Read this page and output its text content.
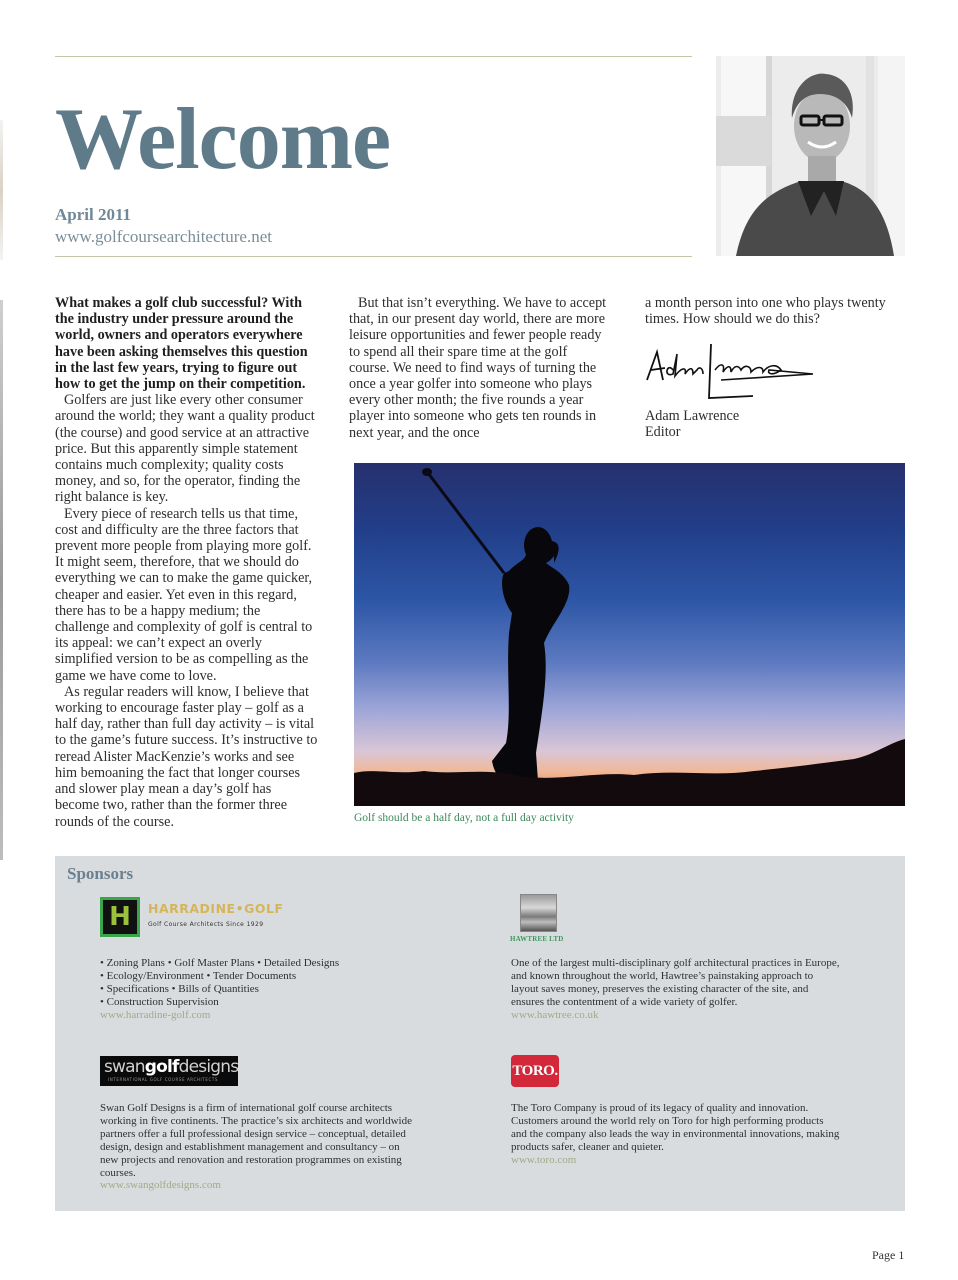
Welcome
April 2011
www.golfcoursearchitecture.net

What makes a golf club successful? With the industry under pressure around the world, owners and operators everywhere have been asking themselves this question in the last few years, trying to figure out how to get the jump on their competition.

Golfers are just like every other consumer around the world; they want a quality product (the course) and good service at an attractive price. But this apparently simple statement contains much complexity; quality costs money, and so, for the operator, finding the right balance is key.

Every piece of research tells us that time, cost and difficulty are the three factors that prevent more people from playing more golf. It might seem, therefore, that we should do everything we can to make the game quicker, cheaper and easier. Yet even in this regard, there has to be a happy medium; the challenge and complexity of golf is central to its appeal: we can’t expect an overly simplified version to be as compelling as the game we have come to love.

As regular readers will know, I believe that working to encourage faster play – golf as a half day, rather than full day activity – is vital to the game’s future success. It’s instructive to reread Alister MacKenzie’s works and see him bemoaning the fact that longer courses and slower play mean a day’s golf has become two, rather than the former three rounds of the course.

But that isn’t everything. We have to accept that, in our present day world, there are more leisure opportunities and fewer people ready to spend all their spare time at the golf course. We need to find ways of turning the once a year golfer into someone who plays every other month; the five rounds a year player into someone who gets ten rounds in next year, and the once

a month person into one who plays twenty times. How should we do this?

Adam Lawrence
Editor
Golf should be a half day, not a full day activity
Sponsors
H	HARRADINE•GOLF
Golf Course Architects Since 1929
• Zoning Plans • Golf Master Plans • Detailed Designs
• Ecology/Environment • Tender Documents
• Specifications • Bills of Quantities
• Construction Supervision
www.harradine-golf.com
HAWTREE LTD
One of the largest multi-disciplinary golf architectural practices in Europe, and known throughout the world, Hawtree’s painstaking approach to layout saves money, preserves the existing character of the site, and ensures the contentment of a wide variety of golfer.
www.hawtree.co.uk
swangolfdesigns
INTERNATIONAL GOLF COURSE ARCHITECTS
Swan Golf Designs is a firm of international golf course architects working in five continents. The practice’s six architects and worldwide partners offer a full professional design service – conceptual, detailed design, design and establishment management and consultancy – on new projects and renovation and restoration programmes on existing courses.
www.swangolfdesigns.com
TORO.
The Toro Company is proud of its legacy of quality and innovation. Customers around the world rely on Toro for high performing products and the company also leads the way in environmental innovations, making products safer, cleaner and quieter.
www.toro.com
Page 1
